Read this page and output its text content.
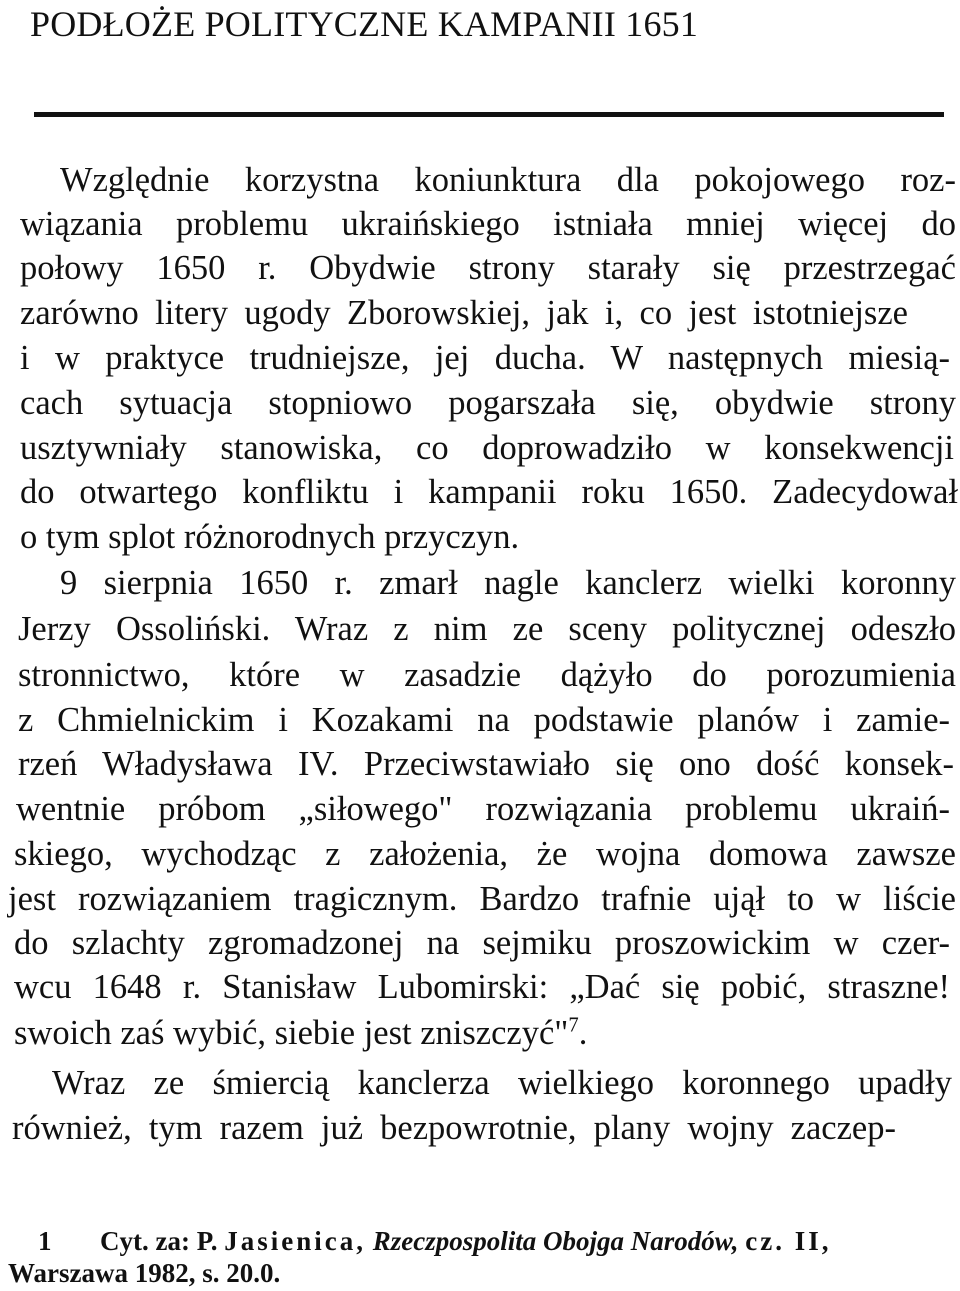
PODŁOŻE POLITYCZNE KAMPANII 1651
Względnie korzystna koniunktura dla pokojowego roz-
wiązania problemu ukraińskiego istniała mniej więcej do
połowy 1650 r. Obydwie strony starały się przestrzegać
zarówno litery ugody Zborowskiej, jak i, co jest istotniejsze
i w praktyce trudniejsze, jej ducha. W następnych miesią-
cach sytuacja stopniowo pogarszała się, obydwie strony
usztywniały stanowiska, co doprowadziło w konsekwencji
do otwartego konfliktu i kampanii roku 1650. Zadecydował
o tym splot różnorodnych przyczyn.
9 sierpnia 1650 r. zmarł nagle kanclerz wielki koronny
Jerzy Ossoliński. Wraz z nim ze sceny politycznej odeszło
stronnictwo, które w zasadzie dążyło do porozumienia
z Chmielnickim i Kozakami na podstawie planów i zamie-
rzeń Władysława IV. Przeciwstawiało się ono dość konsek-
wentnie próbom „siłowego" rozwiązania problemu ukraiń-
skiego, wychodząc z założenia, że wojna domowa zawsze
jest rozwiązaniem tragicznym. Bardzo trafnie ujął to w liście
do szlachty zgromadzonej na sejmiku proszowickim w czer-
wcu 1648 r. Stanisław Lubomirski: „Dać się pobić, straszne!
swoich zaś wybić, siebie jest zniszczyć"$^7$.
Wraz ze śmiercią kanclerza wielkiego koronnego upadły
również, tym razem już bezpowrotnie, plany wojny zaczep-
1 Cyt. za: P. Jasienica, Rzeczpospolita Obojga Narodów, cz. II,
Warszawa 1982, s. 20.0.
